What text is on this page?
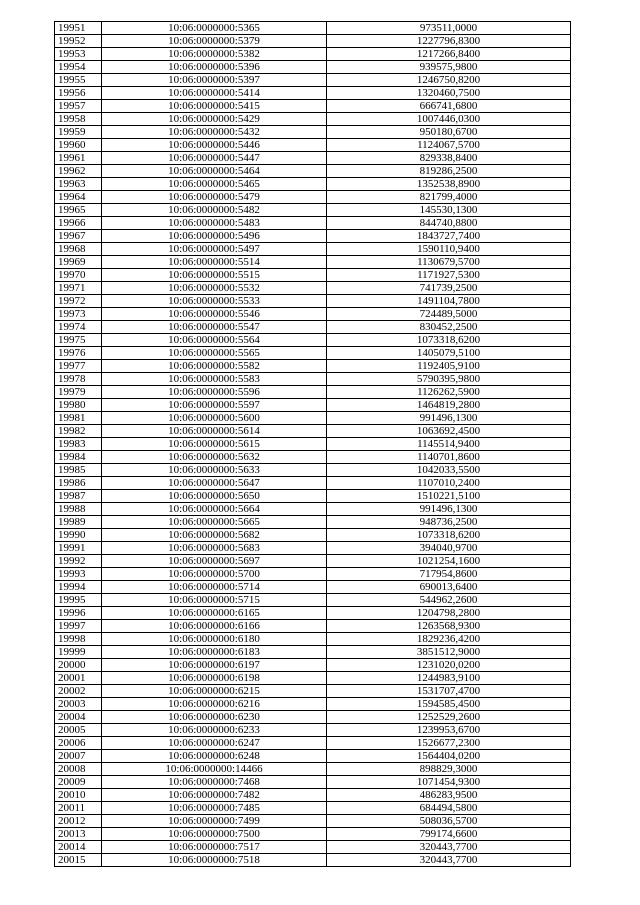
19951	10:06:0000000:5365	973511,0000
19952	10:06:0000000:5379	1227796,8300
19953	10:06:0000000:5382	1217266,8400
19954	10:06:0000000:5396	939575,9800
19955	10:06:0000000:5397	1246750,8200
19956	10:06:0000000:5414	1320460,7500
19957	10:06:0000000:5415	666741,6800
19958	10:06:0000000:5429	1007446,0300
19959	10:06:0000000:5432	950180,6700
19960	10:06:0000000:5446	1124067,5700
19961	10:06:0000000:5447	829338,8400
19962	10:06:0000000:5464	819286,2500
19963	10:06:0000000:5465	1352538,8900
19964	10:06:0000000:5479	821799,4000
19965	10:06:0000000:5482	145530,1300
19966	10:06:0000000:5483	844740,8800
19967	10:06:0000000:5496	1843727,7400
19968	10:06:0000000:5497	1590110,9400
19969	10:06:0000000:5514	1130679,5700
19970	10:06:0000000:5515	1171927,5300
19971	10:06:0000000:5532	741739,2500
19972	10:06:0000000:5533	1491104,7800
19973	10:06:0000000:5546	724489,5000
19974	10:06:0000000:5547	830452,2500
19975	10:06:0000000:5564	1073318,6200
19976	10:06:0000000:5565	1405079,5100
19977	10:06:0000000:5582	1192405,9100
19978	10:06:0000000:5583	5790395,9800
19979	10:06:0000000:5596	1126262,5900
19980	10:06:0000000:5597	1464819,2800
19981	10:06:0000000:5600	991496,1300
19982	10:06:0000000:5614	1063692,4500
19983	10:06:0000000:5615	1145514,9400
19984	10:06:0000000:5632	1140701,8600
19985	10:06:0000000:5633	1042033,5500
19986	10:06:0000000:5647	1107010,2400
19987	10:06:0000000:5650	1510221,5100
19988	10:06:0000000:5664	991496,1300
19989	10:06:0000000:5665	948736,2500
19990	10:06:0000000:5682	1073318,6200
19991	10:06:0000000:5683	394040,9700
19992	10:06:0000000:5697	1021254,1600
19993	10:06:0000000:5700	717954,8600
19994	10:06:0000000:5714	690013,6400
19995	10:06:0000000:5715	544962,2600
19996	10:06:0000000:6165	1204798,2800
19997	10:06:0000000:6166	1263568,9300
19998	10:06:0000000:6180	1829236,4200
19999	10:06:0000000:6183	3851512,9000
20000	10:06:0000000:6197	1231020,0200
20001	10:06:0000000:6198	1244983,9100
20002	10:06:0000000:6215	1531707,4700
20003	10:06:0000000:6216	1594585,4500
20004	10:06:0000000:6230	1252529,2600
20005	10:06:0000000:6233	1239953,6700
20006	10:06:0000000:6247	1526677,2300
20007	10:06:0000000:6248	1564404,0200
20008	10:06:0000000:14466	898829,3000
20009	10:06:0000000:7468	1071454,9300
20010	10:06:0000000:7482	486283,9500
20011	10:06:0000000:7485	684494,5800
20012	10:06:0000000:7499	508036,5700
20013	10:06:0000000:7500	799174,6600
20014	10:06:0000000:7517	320443,7700
20015	10:06:0000000:7518	320443,7700
